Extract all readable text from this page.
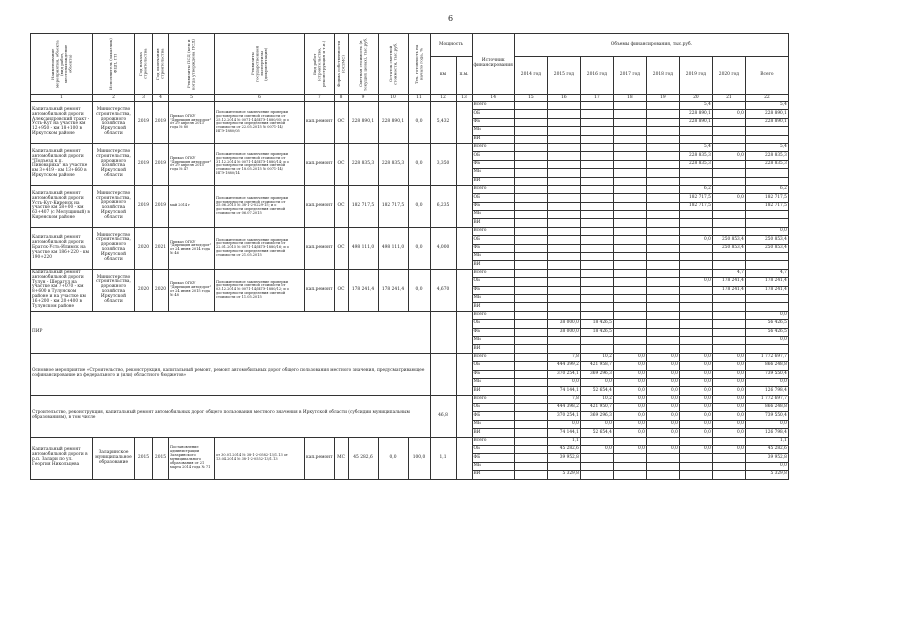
6
Наименование мероприятия, объекта (вид работ, местонахождение объекта)	Исполнитель (заказчик) ФЦП, ГП	Год начала строительства	Год окончания строительства	Реквизиты ПСД (кем и когда утверждена ПСД)	Реквизиты государственной экспертизы (документация)	Вид работ (строительство, реконструкция и т.п.)	Форма собственности (ОС/МС)	Сметная стоимость (в текущих ценах), тыс.руб.	Остаток сметной стоимости, тыс.руб.	Тех. готовность на начало года, %	Мощность		Источник финансирования	Объемы финансирования, тыс.руб.							
											км	п.м.		2014 год	2015 год	2016 год	2017 год	2018 год	2019 год	2020 год	Всего
1	2	3	4	5	6	7	8	9	10	11	12	13	14	15	16	17	18	19	20	21	22
Капитальный ремонт автомобильной дороги Александровский тракт - Усть-Кут на участке км 12+950 - км 18+100 в Иркутском районе	Министерство строительства, дорожного хозяйства Иркутской области	2019	2019	Приказ ОГКУ "Дирекция автодорог" от 29 апреля 2013 года № 80	Положительное заключение проверки достоверности сметной стоимости от 25.12.2014 № 0071-14/ИГЭ-1880/05; и о достоверности определения сметной стоимости от 22.05.2015 № 0071-14/ИГЭ-1880/05	кап.ремонт	ОС	228 890,1	228 890,1	0,0	5,432		Всего						5,4		5,4
													ОБ						228 890,1	0,0	228 890,1
													ФБ						228 890,1		228 890,1
													МБ								
													ВИ								
Капитальный ремонт автомобильной дороги "Подъезд к п. Пивовариха" на участке км 3+419 - км 13+660 в Иркутском районе	Министерство строительства, дорожного хозяйства Иркутской области	2019	2019	Приказ ОГКУ "Дирекция автодорог" от 29 апреля 2015 года № 47	Положительное заключение проверки достоверности сметной стоимости от 31.12.2014 № 0071-14/ИГЭ-1880/14; и о достоверности определения сметной стоимости от 18.05.2015 № 0071-14/ИГЭ-1880/14	кап.ремонт	ОС	228 835,3	228 835,3	0,0	3,350		Всего						5,4		5,4
													ОБ						228 835,3	0,0	228 835,3
													ФБ						228 835,3		228 835,3
													МБ								
													ВИ								
Капитальный ремонт автомобильной дороги Усть-Кут-Киренск на участке км 58+00 - км 63+407 (с Мелущиный) в Киренском районе	Министерство строительства, дорожного хозяйства Иркутской области	2019	2019	май 2014 г	Положительное заключение проверки достоверности сметной стоимости от 25.06.2015 № 38-1-2-0229-15; и о достоверности определения сметной стоимости от 06.07.2015	кап.ремонт	ОС	182 717,5	182 717,5	0,0	6,235		Всего						6,2		6,2
													ОБ						182 717,5	0,0	182 717,5
													ФБ						182 717,5		182 717,5
													МБ								
													ВИ								
Капитальный ремонт автомобильной дороги Братск-Усть-Илимск на участке км 186+220 - км 190+220	Министерство строительства, дорожного хозяйства Иркутской области	2020	2021	Приказ ОГКУ "Дирекция автодорог" от 24 июня 2014 года № 46	Положительное заключение проверки достоверности сметной стоимости от 22.01.2015 № 0071-14/ИГЭ-1880/16; и о достоверности определения сметной стоимости от 21.05.2015	кап.ремонт	ОС	498 111,0	498 111,0	0,0	4,000		Всего								0,0
													ОБ						0,0	250 853,4	250 853,4
													ФБ							250 853,4	250 853,4
													МБ								
													ВИ								
Капитальный ремонт автомобильной дороги Тулун - Шерагул на участке км 7+070 - км 8+600 в Тулунском районе и на участке км 16+200 - км 20+400 в Тулунском районе	Министерство строительства, дорожного хозяйства Иркутской области	2020	2020	Приказ ОГКУ "Дирекция автодорог" от 24 июня 2015 года № 48	Положительное заключение проверки достоверности сметной стоимости от 03.12.2014 № 0071-14/ИГЭ-1880/12; и о достоверности определения сметной стоимости от 11.05.2015	кап.ремонт	ОС	178 241,4	178 241,4	0,0	4,670		Всего							4,7	4,7
													ОБ						0,0	178 241,4	178 241,4
													ФБ							178 241,4	178 241,4
													МБ								
													ВИ								
ПИР													Всего								0,0
													ОБ		38 000,0	18 426,5					56 426,5
													ФБ		38 000,0	18 426,5					56 426,5
													МБ								0,0
													ВИ								
Основное мероприятие «Строительство, реконструкция, капитальный ремонт, ремонт автомобильных дорог общего пользования местного значения, предусматривающее софинансирование из федерального и (или) областного бюджетов»													Всего		7,8	10,2	0,0	0,0	0,0	0,0	1 772 697,7
													ОБ		444 399,2	421 958,7	0,0	0,0	0,0	0,0	866 248,8
													ФБ		370 254,1	369 296,3	0,0	0,0	0,0	0,0	739 550,4
													МБ		0,0	0,0	0,0	0,0	0,0	0,0	0,0
													ВИ		74 144,1	52 654,4	0,0	0,0	0,0	0,0	126 798,4
Строительство, реконструкция, капитальный ремонт автомобильных дорог общего пользования местного значения в Иркутской области (субсидии муниципальным образованиям), в том числе											46,8		Всего		7,8	10,2	0,0	0,0	0,0	0,0	1 772 697,7
													ОБ		444 398,2	421 950,7	0,0	0,0	0,0	0,0	866 248,8
													ФБ		370 254,1	369 296,3	0,0	0,0	0,0	0,0	739 550,4
													МБ		0,0	0,0	0,0	0,0	0,0	0,0	0,0
													ВИ		74 144,1	52 654,4	0,0	0,0	0,0	0,0	126 798,4
Капитальный ремонт автомобильной дороги в р.п. Залари по ул. Георгия Никольцева	Заларинское муниципальное образование	2015	2015	Постановление администрации Заларинского муниципального образования от 21 марта 2014 года № 71	от 30.01.2014 № 38-1-2-0582-13/1.13 от 13.04.2014 № 38-1-2-0552-13/1.13	кап.ремонт	МС	45 282,6	0,0	100,0	1,1		Всего		1,1						1,1
													ОБ		45 282,6	0,0	0,0	0,0	0,0	0,0	45 282,6
													ФБ		39 952,8						39 952,8
													МБ								0,0
													ВИ		5 329,8						5 329,8
